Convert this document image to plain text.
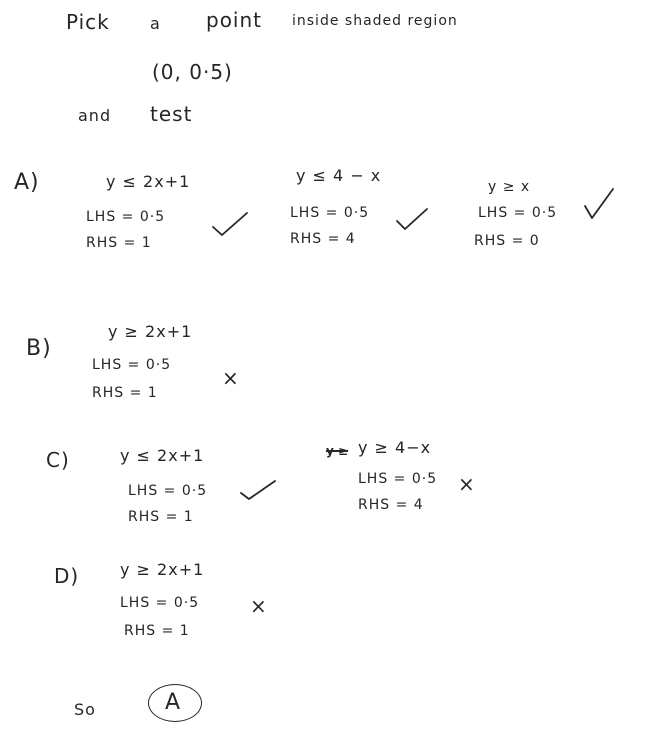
Pick	a point inside shaded region
(0, 0·5)
and test
A)	y ≤ 2x+1
LHS = 0·5
RHS = 1
y ≤ 4 − x
LHS = 0·5
RHS = 4
y ≥ x
LHS = 0·5
RHS = 0
B)
y ≥ 2x+1
LHS = 0·5
RHS = 1
×
C)	y ≤ 2x+1
LHS = 0·5
RHS = 1
y ≥ y ≥ 4−x
LHS = 0·5
RHS = 4
×
D)	y ≥ 2x+1
LHS = 0·5
RHS = 1
×
So	A
